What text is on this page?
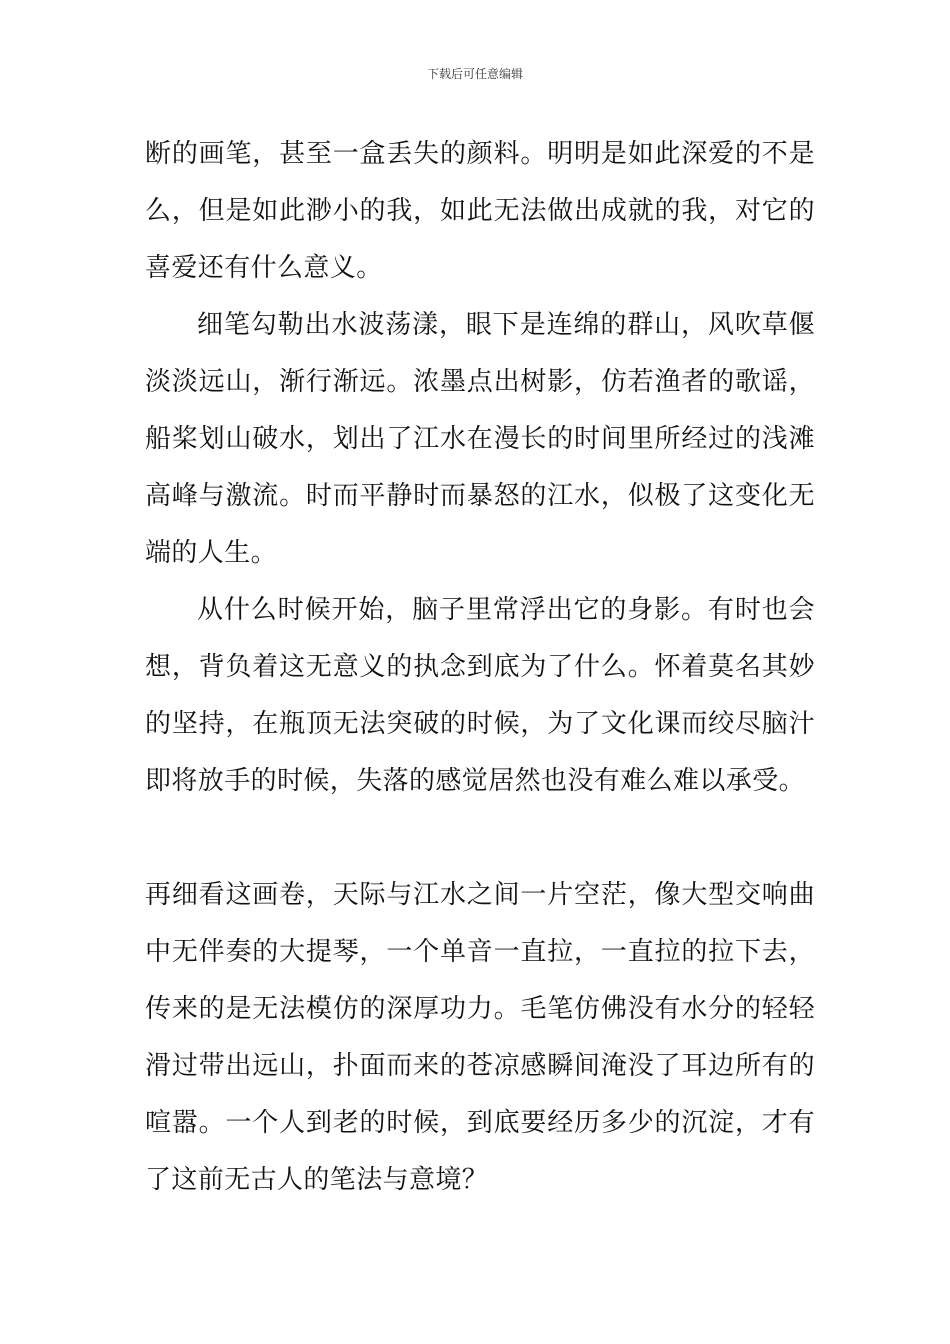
下载后可任意编辑

断的画笔，甚至一盒丢失的颜料。明明是如此深爱的不是么，但是如此渺小的我，如此无法做出成就的我，对它的喜爱还有什么意义。

细笔勾勒出水波荡漾，眼下是连绵的群山，风吹草偃淡淡远山，渐行渐远。浓墨点出树影，仿若渔者的歌谣，船桨划山破水，划出了江水在漫长的时间里所经过的浅滩高峰与激流。时而平静时而暴怒的江水，似极了这变化无端的人生。

从什么时候开始，脑子里常浮出它的身影。有时也会想，背负着这无意义的执念到底为了什么。怀着莫名其妙的坚持，在瓶顶无法突破的时候，为了文化课而绞尽脑汁即将放手的时候，失落的感觉居然也没有难么难以承受。

再细看这画卷，天际与江水之间一片空茫，像大型交响曲中无伴奏的大提琴，一个单音一直拉，一直拉的拉下去，传来的是无法模仿的深厚功力。毛笔仿佛没有水分的轻轻滑过带出远山，扑面而来的苍凉感瞬间淹没了耳边所有的喧嚣。一个人到老的时候，到底要经历多少的沉淀，才有了这前无古人的笔法与意境？
